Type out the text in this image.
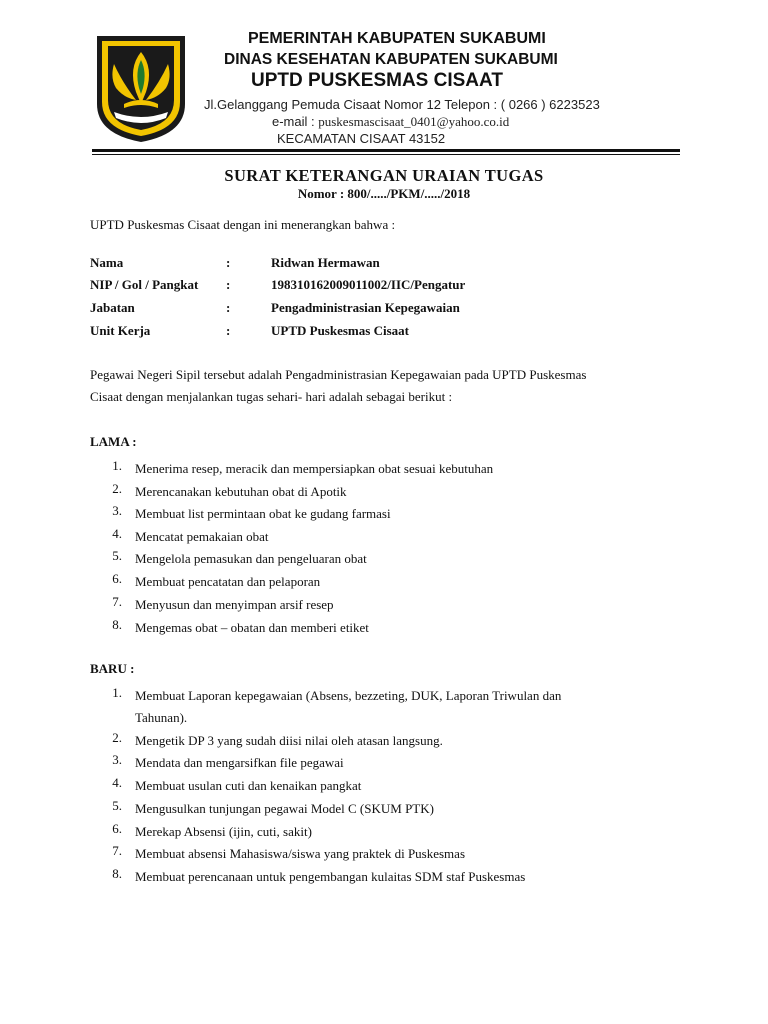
PEMERINTAH KABUPATEN SUKABUMI
DINAS KESEHATAN KABUPATEN SUKABUMI
UPTD PUSKESMAS CISAAT
Jl.Gelanggang Pemuda Cisaat Nomor 12 Telepon : ( 0266 ) 6223523
e-mail : puskesmascisaat_0401@yahoo.co.id
KECAMATAN CISAAT 43152
SURAT KETERANGAN URAIAN TUGAS
Nomor : 800/...../PKM/...../2018
UPTD Puskesmas Cisaat dengan ini menerangkan bahwa :
Nama	:	Ridwan Hermawan
NIP / Gol / Pangkat :	198310162009011002/IIC/Pengatur
Jabatan	:	Pengadministrasian Kepegawaian
Unit Kerja	:	UPTD Puskesmas Cisaat
Pegawai Negeri Sipil tersebut adalah Pengadministrasian Kepegawaian pada UPTD Puskesmas
Cisaat dengan menjalankan tugas sehari- hari adalah sebagai berikut :
LAMA :
1. Menerima resep, meracik dan mempersiapkan obat sesuai kebutuhan
2. Merencanakan kebutuhan obat di Apotik
3. Membuat list permintaan obat ke gudang farmasi
4. Mencatat pemakaian obat
5. Mengelola pemasukan dan pengeluaran obat
6. Membuat pencatatan dan pelaporan
7. Menyusun dan menyimpan arsif resep
8. Mengemas obat – obatan dan memberi etiket
BARU :
1. Membuat Laporan kepegawaian (Absens, bezzeting, DUK, Laporan Triwulan dan
Tahunan).
2. Mengetik DP 3 yang sudah diisi nilai oleh atasan langsung.
3. Mendata dan mengarsifkan file pegawai
4. Membuat usulan cuti dan kenaikan pangkat
5. Mengusulkan tunjungan pegawai Model C (SKUM PTK)
6. Merekap Absensi (ijin, cuti, sakit)
7. Membuat absensi Mahasiswa/siswa yang praktek di Puskesmas
8. Membuat perencanaan untuk pengembangan kulaitas SDM staf Puskesmas
